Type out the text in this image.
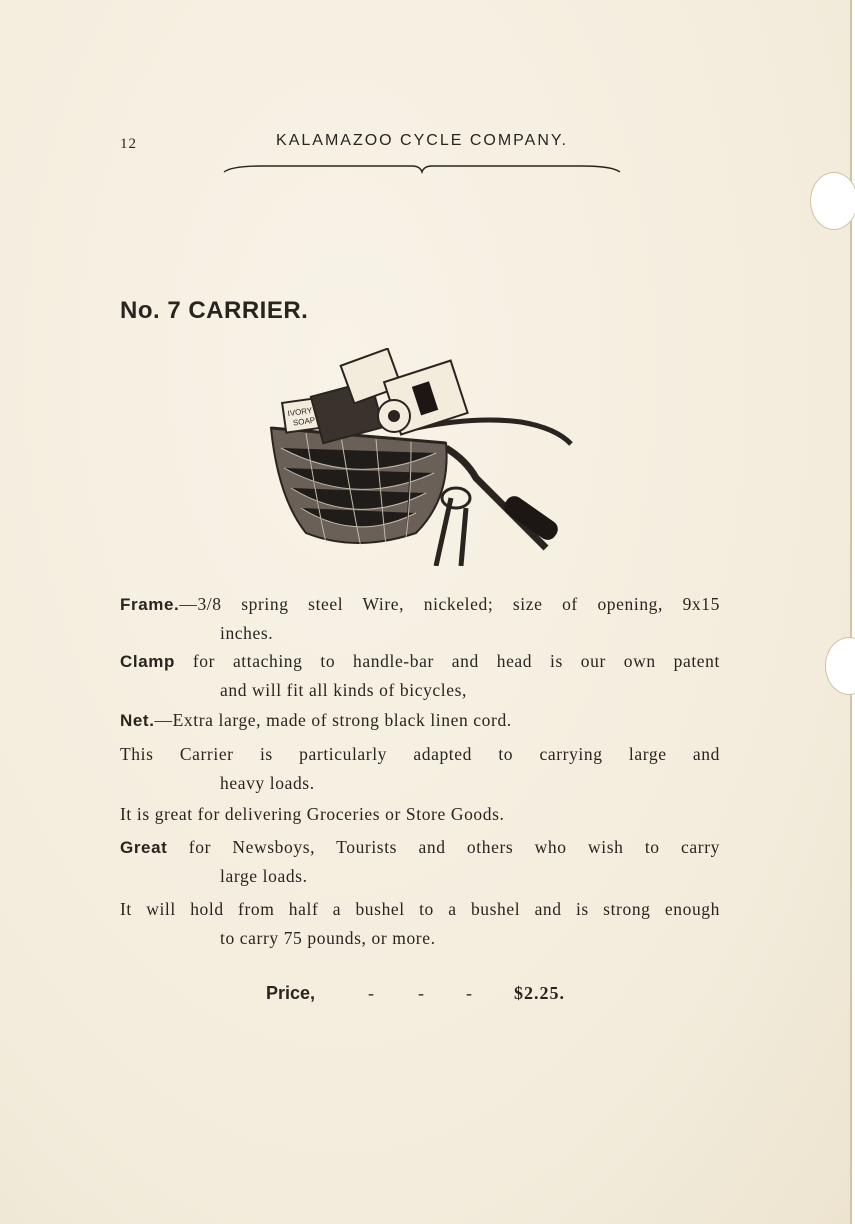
12	KALAMAZOO CYCLE COMPANY.
No. 7 CARRIER.
IVORY
SOAP
Frame.—3/8 spring steel Wire, nickeled; size of opening, 9x15
inches.
Clamp for attaching to handle-bar and head is our own patent
and will fit all kinds of bicycles,
Net.—Extra large, made of strong black linen cord.
This Carrier is particularly adapted to carrying large and
heavy loads.
It is great for delivering Groceries or Store Goods.
Great for Newsboys, Tourists and others who wish to carry
large loads.
It will hold from half a bushel to a bushel and is strong enough
to carry 75 pounds, or more.
Price,	- - - $2.25.
